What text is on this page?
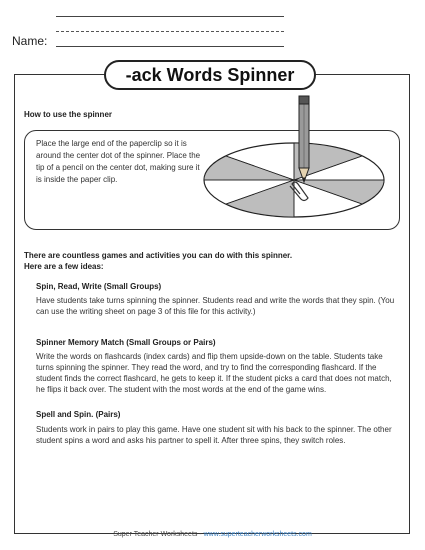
Name:
-ack Words Spinner
How to use the spinner

Place the large end of the paperclip so it is around the center dot of the spinner. Place the tip of a pencil on the center dot, making sure it is inside the paper clip.

There are countless games and activities you can do with this spinner.
Here are a few ideas:

Spin, Read, Write (Small Groups)

Have students take turns spinning the spinner. Students read and write the words that they spin. (You can use the writing sheet on page 3 of this file for this activity.)

Spinner Memory Match (Small Groups or Pairs)

Write the words on flashcards (index cards) and flip them upside-down on the table. Students take turns spinning the spinner. They read the word, and try to find the corresponding flashcard. If the student finds the correct flashcard, he gets to keep it. If the student picks a card that does not match, he flips it back over. The student with the most words at the end of the game wins.

Spell and Spin. (Pairs)

Students work in pairs to play this game. Have one student sit with his back to the spinner. The other student spins a word and asks his partner to spell it. After three spins, they switch roles.

Super Teacher Worksheets - www.superteacherworksheets.com
